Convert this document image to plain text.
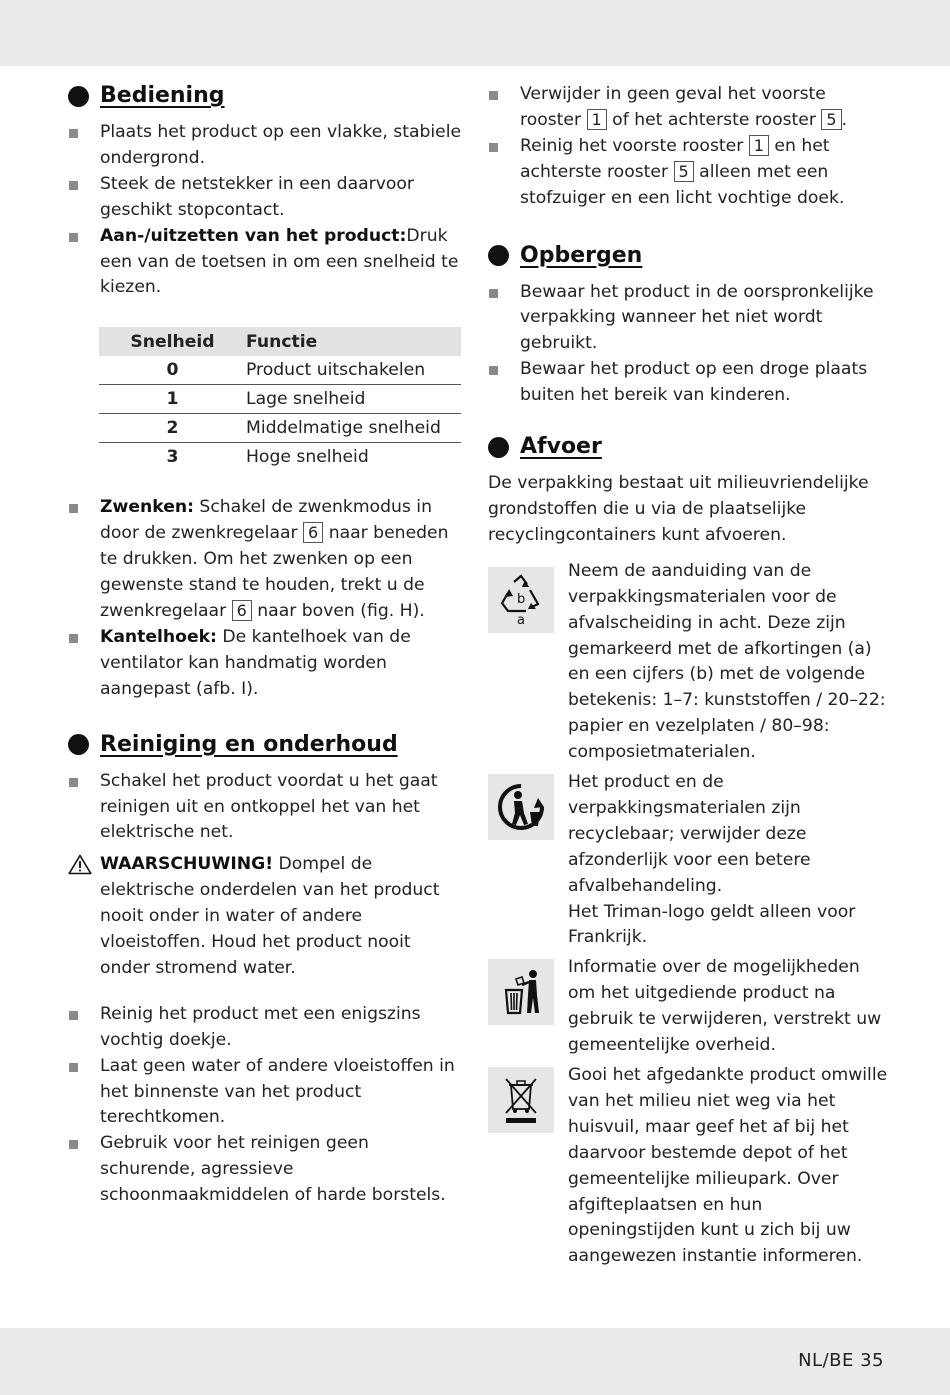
Bediening
Plaats het product op een vlakke, stabiele ondergrond.
Steek de netstekker in een daarvoor geschikt stopcontact.
Aan-/uitzetten van het product:Druk een van de toetsen in om een snelheid te kiezen.
Snelheid	Functie
0	Product uitschakelen
1	Lage snelheid
2	Middelmatige snelheid
3	Hoge snelheid
Zwenken: Schakel de zwenkmodus in door de zwenkregelaar 6 naar beneden te drukken. Om het zwenken op een gewenste stand te houden, trekt u de zwenkregelaar 6 naar boven (fig. H).
Kantelhoek: De kantelhoek van de ventilator kan handmatig worden aangepast (afb. I).
Reiniging en onderhoud
Schakel het product voordat u het gaat reinigen uit en ontkoppel het van het elektrische net.
WAARSCHUWING! Dompel de elektrische onderdelen van het product nooit onder in water of andere vloeistoffen. Houd het product nooit onder stromend water.
Reinig het product met een enigszins vochtig doekje.
Laat geen water of andere vloeistoffen in het binnenste van het product terechtkomen.
Gebruik voor het reinigen geen schurende, agressieve schoonmaakmiddelen of harde borstels.
Verwijder in geen geval het voorste rooster 1 of het achterste rooster 5 .
Reinig het voorste rooster 1 en het achterste rooster 5 alleen met een stofzuiger en een licht vochtige doek.
Opbergen
Bewaar het product in de oorspronkelijke verpakking wanneer het niet wordt gebruikt.
Bewaar het product op een droge plaats buiten het bereik van kinderen.
Afvoer

De verpakking bestaat uit milieuvriendelijke grondstoffen die u via de plaatselijke recyclingcontainers kunt afvoeren.

b
a
Neem de aanduiding van de verpakkingsmaterialen voor de afvalscheiding in acht. Deze zijn gemarkeerd met de afkortingen (a) en een cijfers (b) met de volgende betekenis: 1–7: kunststoffen / 20–22: papier en vezelplaten / 80–98: composietmaterialen.
Het product en de verpakkingsmaterialen zijn recyclebaar; verwijder deze afzonderlijk voor een betere afvalbehandeling.
Het Triman-logo geldt alleen voor Frankrijk.
Informatie over de mogelijkheden om het uitgediende product na gebruik te verwijderen, verstrekt uw gemeentelijke overheid.
Gooi het afgedankte product omwille van het milieu niet weg via het huisvuil, maar geef het af bij het daarvoor bestemde depot of het gemeentelijke milieupark. Over afgifteplaatsen en hun openingstijden kunt u zich bij uw aangewezen instantie informeren.
NL/BE 35
